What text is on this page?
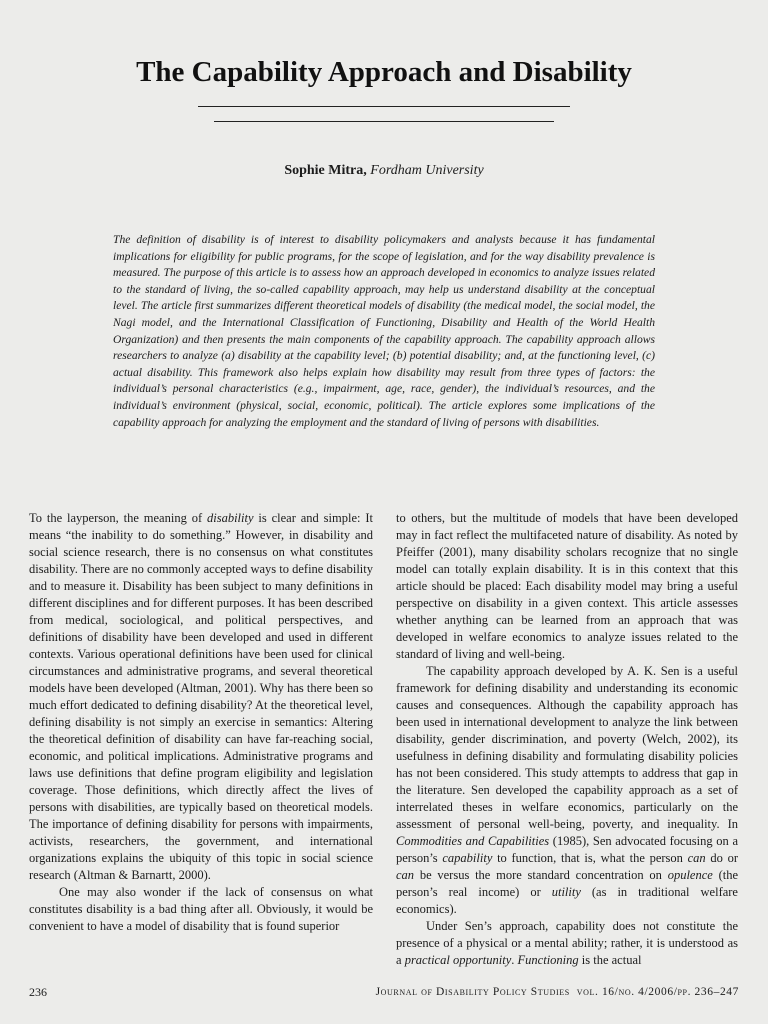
The Capability Approach and Disability
Sophie Mitra, Fordham University
The definition of disability is of interest to disability policymakers and analysts because it has fundamental implications for eligibility for public programs, for the scope of legislation, and for the way disability prevalence is measured. The purpose of this article is to assess how an approach developed in economics to analyze issues related to the standard of living, the so-called capability approach, may help us understand disability at the conceptual level. The article first summarizes different theoretical models of disability (the medical model, the social model, the Nagi model, and the International Classification of Functioning, Disability and Health of the World Health Organization) and then presents the main components of the capability approach. The capability approach allows researchers to analyze (a) disability at the capability level; (b) potential disability; and, at the functioning level, (c) actual disability. This framework also helps explain how disability may result from three types of factors: the individual’s personal characteristics (e.g., impairment, age, race, gender), the individual’s resources, and the individual’s environment (physical, social, economic, political). The article explores some implications of the capability approach for analyzing the employment and the standard of living of persons with disabilities.

To the layperson, the meaning of disability is clear and simple: It means “the inability to do something.” However, in disability and social science research, there is no consensus on what constitutes disability. There are no commonly accepted ways to define disability and to measure it. Disability has been subject to many definitions in different disciplines and for different purposes. It has been described from medical, sociological, and political perspectives, and definitions of disability have been developed and used in different contexts. Various operational definitions have been used for clinical circumstances and administrative programs, and several theoretical models have been developed (Altman, 2001). Why has there been so much effort dedicated to defining disability? At the theoretical level, defining disability is not simply an exercise in semantics: Altering the theoretical definition of disability can have far-reaching social, economic, and political implications. Administrative programs and laws use definitions that define program eligibility and legislation coverage. Those definitions, which directly affect the lives of persons with disabilities, are typically based on theoretical models. The importance of defining disability for persons with impairments, activists, researchers, the government, and international organizations explains the ubiquity of this topic in social science research (Altman & Barnartt, 2000).

One may also wonder if the lack of consensus on what constitutes disability is a bad thing after all. Obviously, it would be convenient to have a model of disability that is found superior

to others, but the multitude of models that have been developed may in fact reflect the multifaceted nature of disability. As noted by Pfeiffer (2001), many disability scholars recognize that no single model can totally explain disability. It is in this context that this article should be placed: Each disability model may bring a useful perspective on disability in a given context. This article assesses whether anything can be learned from an approach that was developed in welfare economics to analyze issues related to the standard of living and well-being.

The capability approach developed by A. K. Sen is a useful framework for defining disability and understanding its economic causes and consequences. Although the capability approach has been used in international development to analyze the link between disability, gender discrimination, and poverty (Welch, 2002), its usefulness in defining disability and formulating disability policies has not been considered. This study attempts to address that gap in the literature. Sen developed the capability approach as a set of interrelated theses in welfare economics, particularly on the assessment of personal well-being, poverty, and inequality. In Commodities and Capabilities (1985), Sen advocated focusing on a person’s capability to function, that is, what the person can do or can be versus the more standard concentration on opulence (the person’s real income) or utility (as in traditional welfare economics).

Under Sen’s approach, capability does not constitute the presence of a physical or a mental ability; rather, it is understood as a practical opportunity. Functioning is the actual

236	Journal of Disability Policy Studies vol. 16/no. 4/2006/pp. 236–247
